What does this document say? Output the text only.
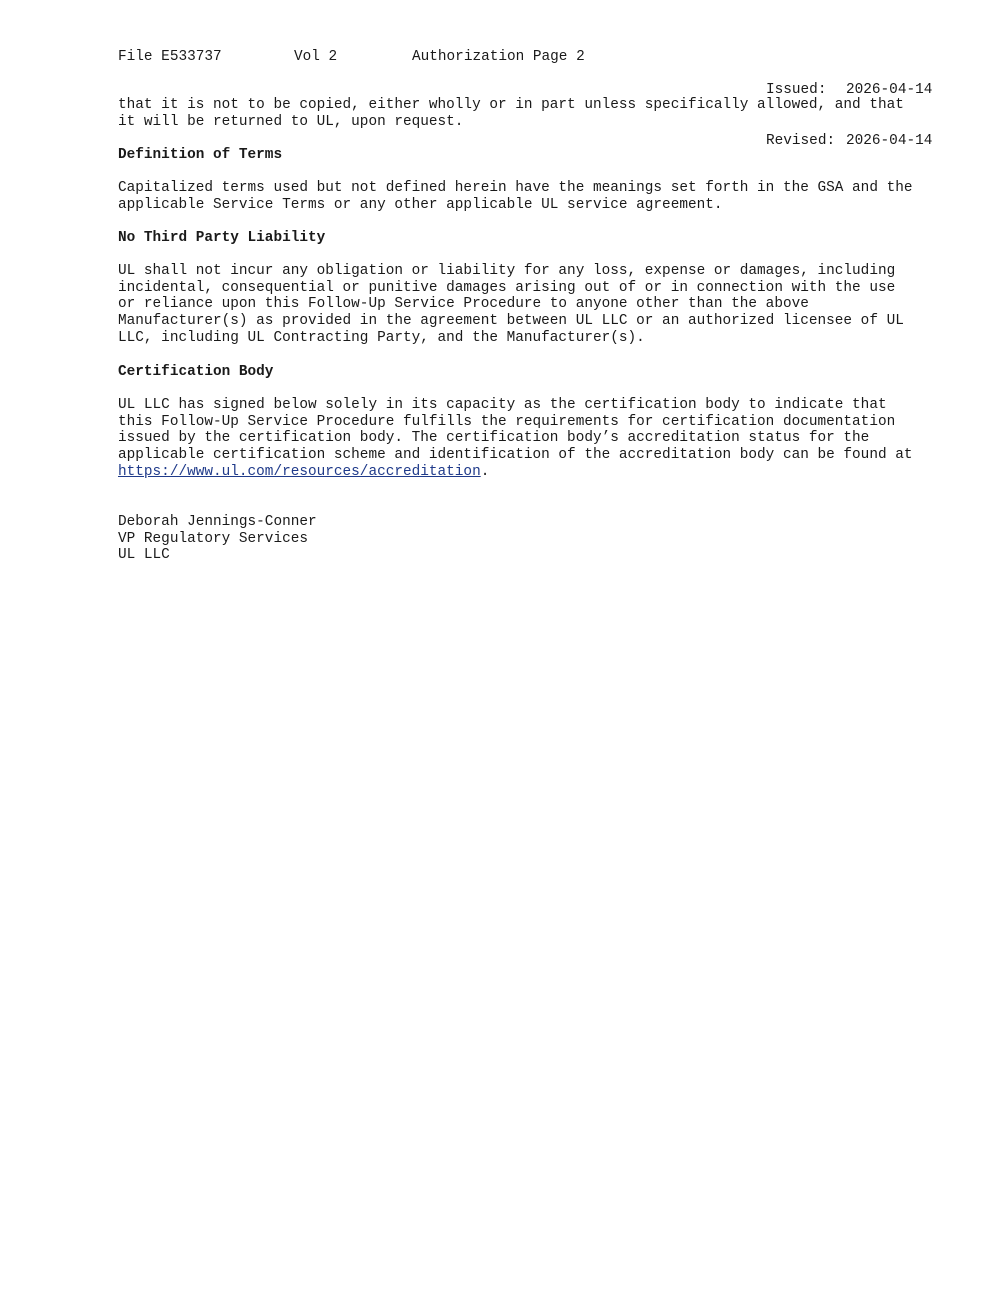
File E533737	Vol 2	Authorization Page 2

Issued: 2026-04-14

Revised: 2026-04-14

that it is not to be copied, either wholly or in part unless specifically allowed, and that
it will be returned to UL, upon request.
Definition of Terms
Capitalized terms used but not defined herein have the meanings set forth in the GSA and the
applicable Service Terms or any other applicable UL service agreement.
No Third Party Liability
UL shall not incur any obligation or liability for any loss, expense or damages, including
incidental, consequential or punitive damages arising out of or in connection with the use
or reliance upon this Follow-Up Service Procedure to anyone other than the above
Manufacturer(s) as provided in the agreement between UL LLC or an authorized licensee of UL
LLC, including UL Contracting Party, and the Manufacturer(s).
Certification Body
UL LLC has signed below solely in its capacity as the certification body to indicate that
this Follow-Up Service Procedure fulfills the requirements for certification documentation
issued by the certification body. The certification body’s accreditation status for the
applicable certification scheme and identification of the accreditation body can be found at
https://www.ul.com/resources/accreditation.
Deborah Jennings-Conner
VP Regulatory Services
UL LLC
